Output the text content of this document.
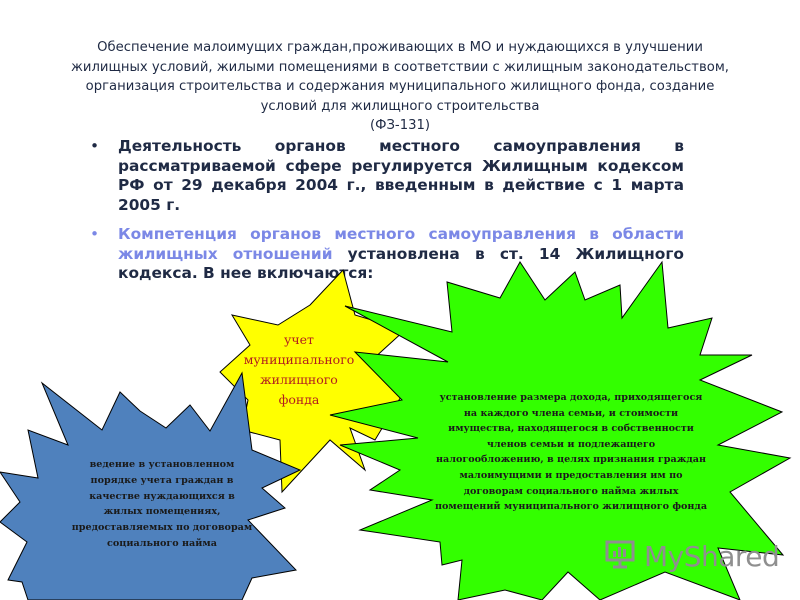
Обеспечение малоимущих граждан,проживающих в МО и нуждающихся в улучшении
жилищных условий, жилыми помещениями в соответствии с жилищным законодательством,
организация строительства и содержания муниципального жилищного фонда, создание
условий для жилищного строительства
(ФЗ-131)
• Деятельность органов местного самоуправления в рассматриваемой сфере регулируется Жилищным кодексом РФ от 29 декабря 2004 г., введенным в действие с 1 марта 2005 г.
• Компетенция органов местного самоуправления в области жилищных отношений установлена в ст. 14 Жилищного кодекса. В нее включаются:
учет
муниципального
жилищного фонда
ведение в установленном
порядке учета граждан в
качестве нуждающихся в
жилых помещениях,
предоставляемых по договорам
социального найма
установление размера дохода, приходящегося
на каждого члена семьи, и стоимости
имущества, находящегося в собственности
членов семьи и подлежащего
налогообложению, в целях признания граждан
малоимущими и предоставления им по
договорам социального найма жилых
помещений муниципального жилищного фонда
MyShared
